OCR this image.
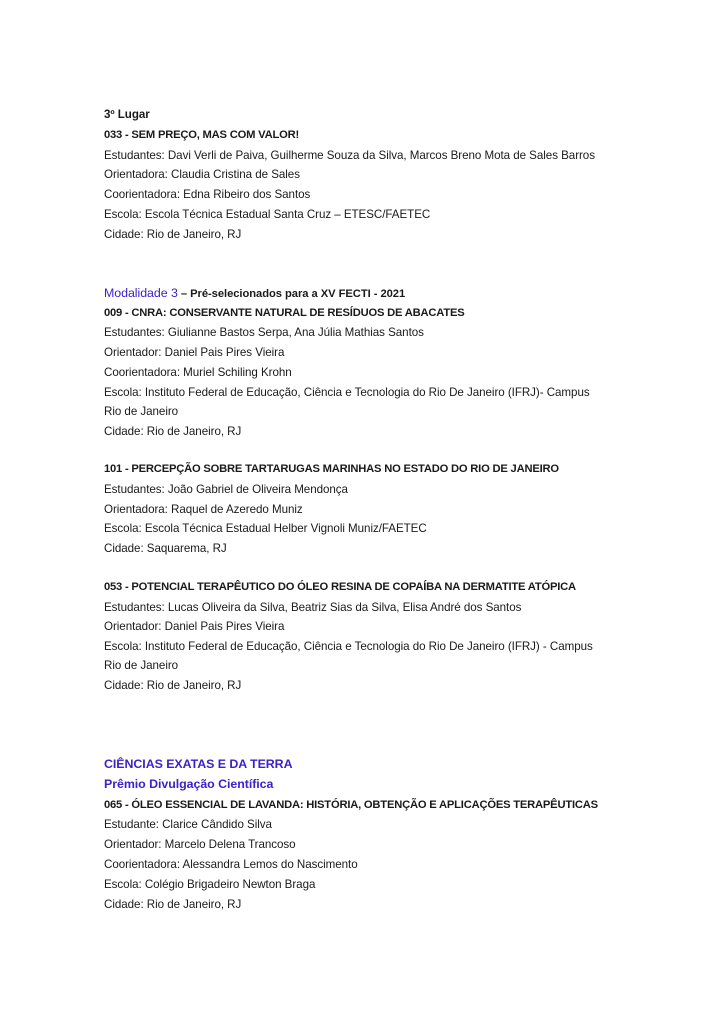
3º Lugar
033 - SEM PREÇO, MAS COM VALOR!
Estudantes: Davi Verli de Paiva, Guilherme Souza da Silva, Marcos Breno Mota de Sales Barros
Orientadora: Claudia Cristina de Sales
Coorientadora: Edna Ribeiro dos Santos
Escola: Escola Técnica Estadual Santa Cruz – ETESC/FAETEC
Cidade: Rio de Janeiro, RJ
Modalidade 3 – Pré-selecionados para a XV FECTI - 2021
009 - CNRA: CONSERVANTE NATURAL DE RESÍDUOS DE ABACATES
Estudantes: Giulianne Bastos Serpa, Ana Júlia Mathias Santos
Orientador: Daniel Pais Pires Vieira
Coorientadora: Muriel Schiling Krohn
Escola: Instituto Federal de Educação, Ciência e Tecnologia do Rio De Janeiro (IFRJ)- Campus
Rio de Janeiro
Cidade: Rio de Janeiro, RJ
101 - PERCEPÇÃO SOBRE TARTARUGAS MARINHAS NO ESTADO DO RIO DE JANEIRO
Estudantes: João Gabriel de Oliveira Mendonça
Orientadora: Raquel de Azeredo Muniz
Escola: Escola Técnica Estadual Helber Vignoli Muniz/FAETEC
Cidade: Saquarema, RJ
053 - POTENCIAL TERAPÊUTICO DO ÓLEO RESINA DE COPAÍBA NA DERMATITE ATÓPICA
Estudantes: Lucas Oliveira da Silva, Beatriz Sias da Silva, Elisa André dos Santos
Orientador: Daniel Pais Pires Vieira
Escola: Instituto Federal de Educação, Ciência e Tecnologia do Rio De Janeiro (IFRJ) - Campus
Rio de Janeiro
Cidade: Rio de Janeiro, RJ
CIÊNCIAS EXATAS E DA TERRA
Prêmio Divulgação Científica
065 - ÓLEO ESSENCIAL DE LAVANDA: HISTÓRIA, OBTENÇÃO E APLICAÇÕES TERAPÊUTICAS
Estudante: Clarice Cândido Silva
Orientador: Marcelo Delena Trancoso
Coorientadora: Alessandra Lemos do Nascimento
Escola: Colégio Brigadeiro Newton Braga
Cidade: Rio de Janeiro, RJ
